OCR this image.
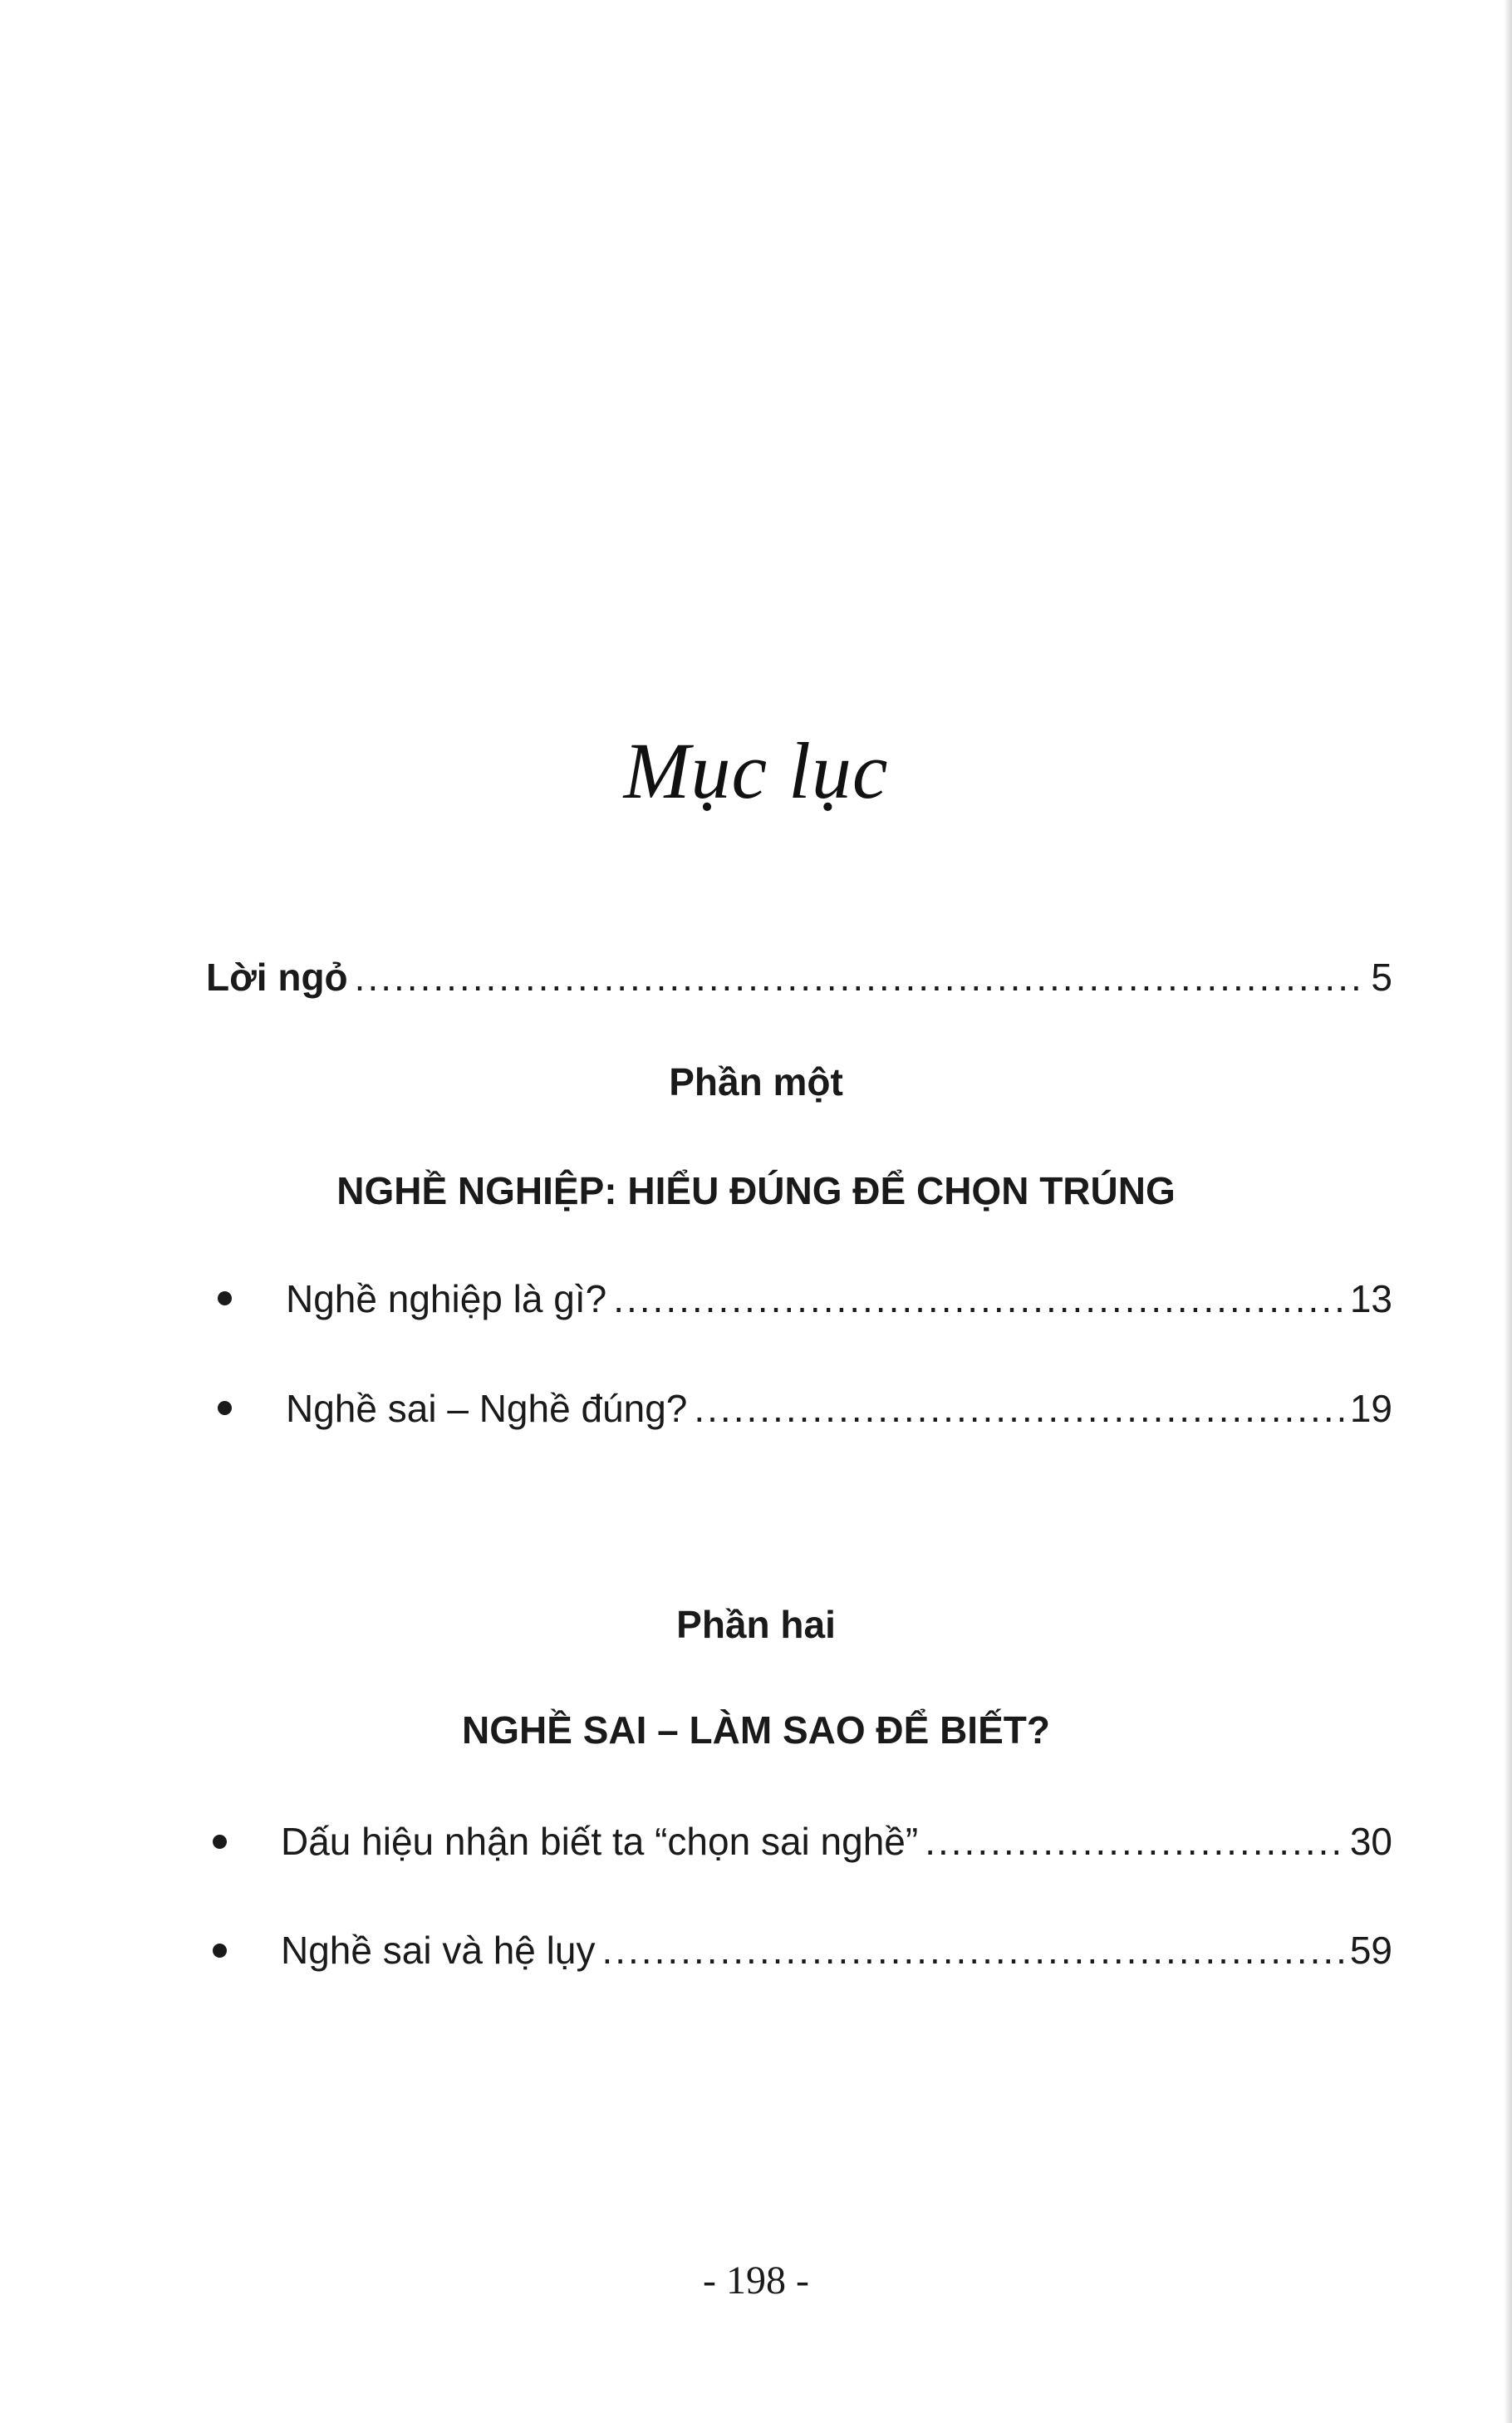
Mục lục
Lời ngỏ .....	5
Phần một
NGHỀ NGHIỆP: HIỂU ĐÚNG ĐỂ CHỌN TRÚNG
Nghề nghiệp là gì? .....	13
Nghề sai – Nghề đúng? .....	19
Phần hai
NGHỀ SAI – LÀM SAO ĐỂ BIẾT?
Dấu hiệu nhận biết ta “chọn sai nghề” .....	30
Nghề sai và hệ lụy .....	59
- 198 -
